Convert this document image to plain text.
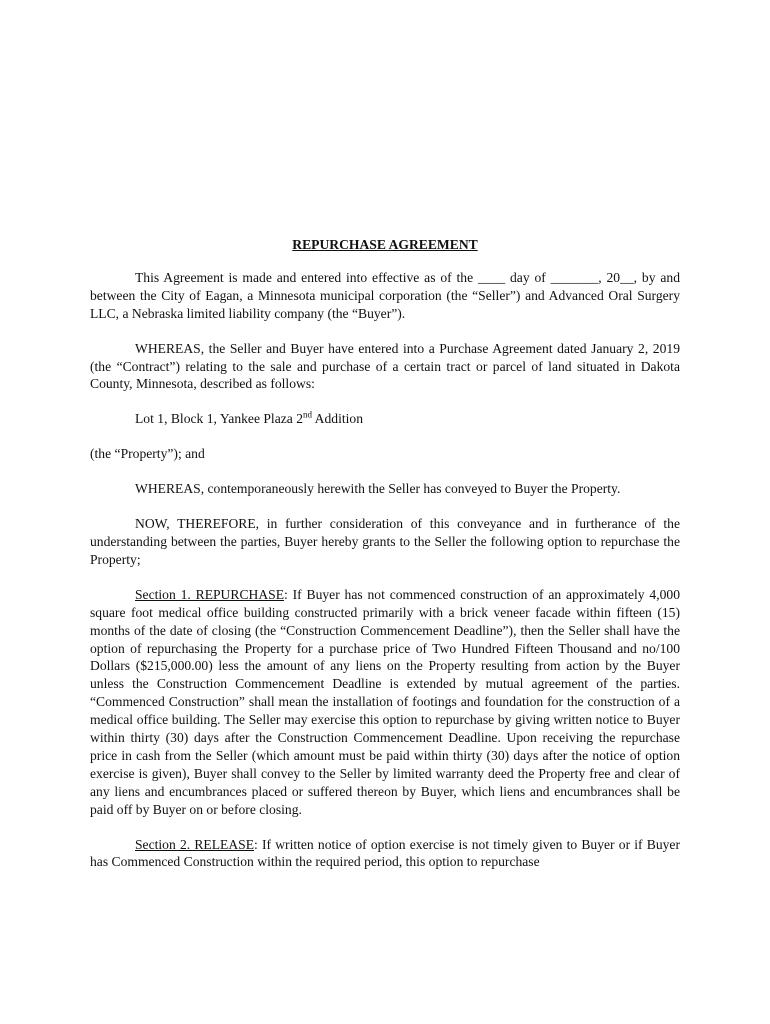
REPURCHASE AGREEMENT

This Agreement is made and entered into effective as of the ____ day of _______, 20__, by and between the City of Eagan, a Minnesota municipal corporation (the “Seller”) and Advanced Oral Surgery LLC, a Nebraska limited liability company (the “Buyer”).

WHEREAS, the Seller and Buyer have entered into a Purchase Agreement dated January 2, 2019 (the “Contract”) relating to the sale and purchase of a certain tract or parcel of land situated in Dakota County, Minnesota, described as follows:

Lot 1, Block 1, Yankee Plaza 2nd Addition

(the “Property”); and

WHEREAS, contemporaneously herewith the Seller has conveyed to Buyer the Property.

NOW, THEREFORE, in further consideration of this conveyance and in furtherance of the understanding between the parties, Buyer hereby grants to the Seller the following option to repurchase the Property;

Section 1. REPURCHASE: If Buyer has not commenced construction of an approximately 4,000 square foot medical office building constructed primarily with a brick veneer facade within fifteen (15) months of the date of closing (the “Construction Commencement Deadline”), then the Seller shall have the option of repurchasing the Property for a purchase price of Two Hundred Fifteen Thousand and no/100 Dollars ($215,000.00) less the amount of any liens on the Property resulting from action by the Buyer unless the Construction Commencement Deadline is extended by mutual agreement of the parties. “Commenced Construction” shall mean the installation of footings and foundation for the construction of a medical office building. The Seller may exercise this option to repurchase by giving written notice to Buyer within thirty (30) days after the Construction Commencement Deadline. Upon receiving the repurchase price in cash from the Seller (which amount must be paid within thirty (30) days after the notice of option exercise is given), Buyer shall convey to the Seller by limited warranty deed the Property free and clear of any liens and encumbrances placed or suffered thereon by Buyer, which liens and encumbrances shall be paid off by Buyer on or before closing.

Section 2. RELEASE: If written notice of option exercise is not timely given to Buyer or if Buyer has Commenced Construction within the required period, this option to repurchase
